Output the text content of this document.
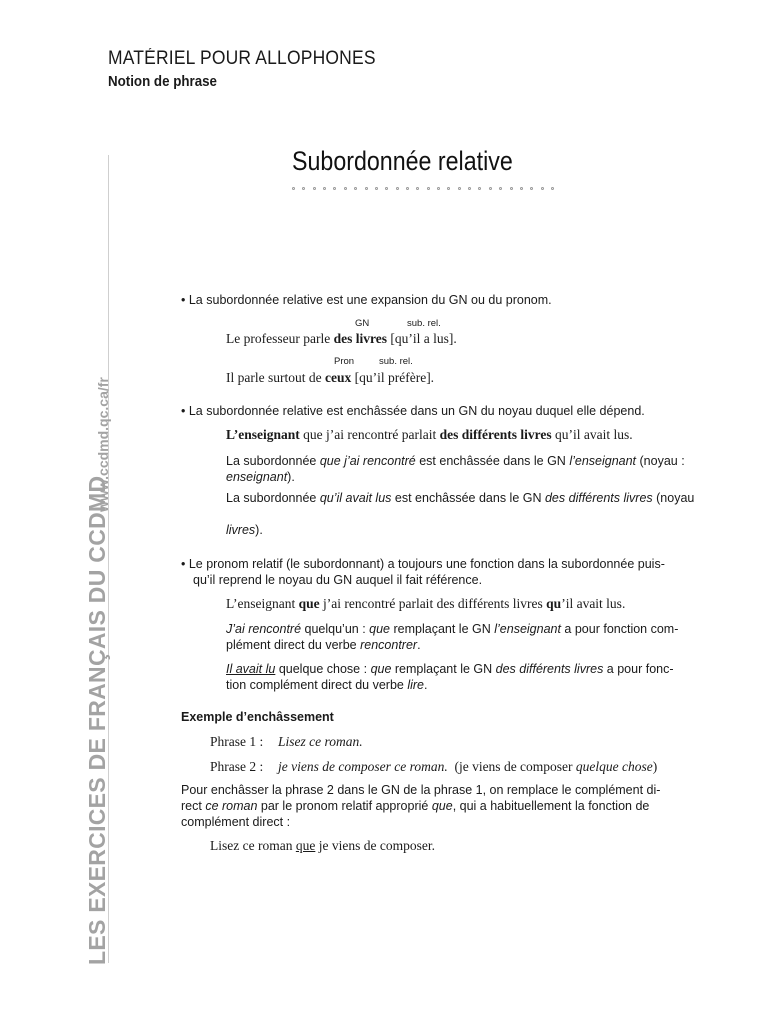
MATÉRIEL POUR ALLOPHONES
Notion de phrase
Subordonnée relative
LES EXERCICES DE FRANÇAIS DU CCDMD
www.ccdmd.qc.ca/fr
• La subordonnée relative est une expansion du GN ou du pronom.
GN	sub. rel.
Le professeur parle des livres [qu’il a lus].
Pron	sub. rel.
Il parle surtout de ceux [qu’il préfère].
• La subordonnée relative est enchâssée dans un GN du noyau duquel elle dépend.
L’enseignant que j’ai rencontré parlait des différents livres qu’il avait lus.
La subordonnée que j’ai rencontré est enchâssée dans le GN l’enseignant (noyau :
enseignant).
La subordonnée qu’il avait lus est enchâssée dans le GN des différents livres (noyau
livres).
• Le pronom relatif (le subordonnant) a toujours une fonction dans la subordonnée puis-
qu’il reprend le noyau du GN auquel il fait référence.
L’enseignant que j’ai rencontré parlait des différents livres qu’il avait lus.
J’ai rencontré quelqu’un : que remplaçant le GN l’enseignant a pour fonction com-
plément direct du verbe rencontrer.
Il avait lu quelque chose : que remplaçant le GN des différents livres a pour fonc-
tion complément direct du verbe lire.
Exemple d’enchâssement
Phrase 1 : Lisez ce roman.
Phrase 2 : je viens de composer ce roman. (je viens de composer quelque chose)
Pour enchâsser la phrase 2 dans le GN de la phrase 1, on remplace le complément di-
rect ce roman par le pronom relatif approprié que, qui a habituellement la fonction de
complément direct :
Lisez ce roman que je viens de composer.
